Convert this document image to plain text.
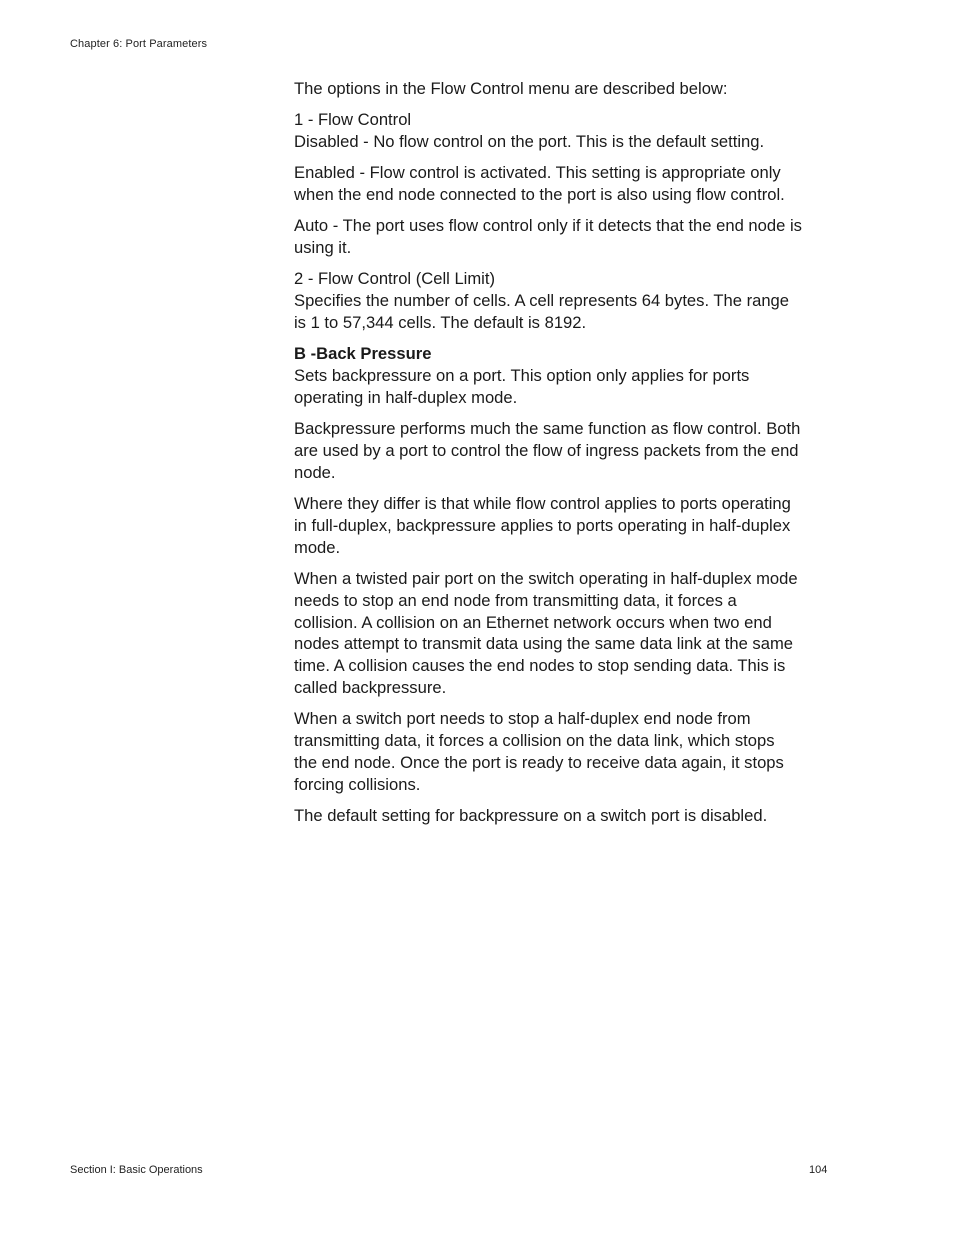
Chapter 6: Port Parameters

The options in the Flow Control menu are described below:

1 - Flow Control
Disabled - No flow control on the port. This is the default setting.

Enabled - Flow control is activated. This setting is appropriate only when the end node connected to the port is also using flow control.

Auto - The port uses flow control only if it detects that the end node is using it.

2 - Flow Control (Cell Limit)
Specifies the number of cells. A cell represents 64 bytes. The range is 1 to 57,344 cells. The default is 8192.

B -Back Pressure
Sets backpressure on a port. This option only applies for ports operating in half-duplex mode.

Backpressure performs much the same function as flow control. Both are used by a port to control the flow of ingress packets from the end node.

Where they differ is that while flow control applies to ports operating in full-duplex, backpressure applies to ports operating in half-duplex mode.

When a twisted pair port on the switch operating in half-duplex mode needs to stop an end node from transmitting data, it forces a collision. A collision on an Ethernet network occurs when two end nodes attempt to transmit data using the same data link at the same time. A collision causes the end nodes to stop sending data. This is called backpressure.

When a switch port needs to stop a half-duplex end node from transmitting data, it forces a collision on the data link, which stops the end node. Once the port is ready to receive data again, it stops forcing collisions.

The default setting for backpressure on a switch port is disabled.

Section I: Basic Operations	104
